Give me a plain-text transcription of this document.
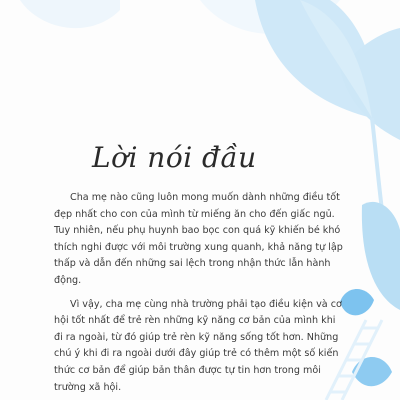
Lời nói đầu

Cha mẹ nào cũng luôn mong muốn dành những điều tốt đẹp nhất cho con của mình từ miếng ăn cho đến giấc ngủ. Tuy nhiên, nếu phụ huynh bao bọc con quá kỹ khiến bé khó thích nghi được với môi trường xung quanh, khả năng tự lập thấp và dẫn đến những sai lệch trong nhận thức lẫn hành động.

Vì vậy, cha mẹ cùng nhà trường phải tạo điều kiện và cơ hội tốt nhất để trẻ rèn những kỹ năng cơ bản của mình khi đi ra ngoài, từ đó giúp trẻ rèn kỹ năng sống tốt hơn. Những chú ý khi đi ra ngoài dưới đây giúp trẻ có thêm một số kiến thức cơ bản để giúp bản thân được tự tin hơn trong môi trường xã hội.
